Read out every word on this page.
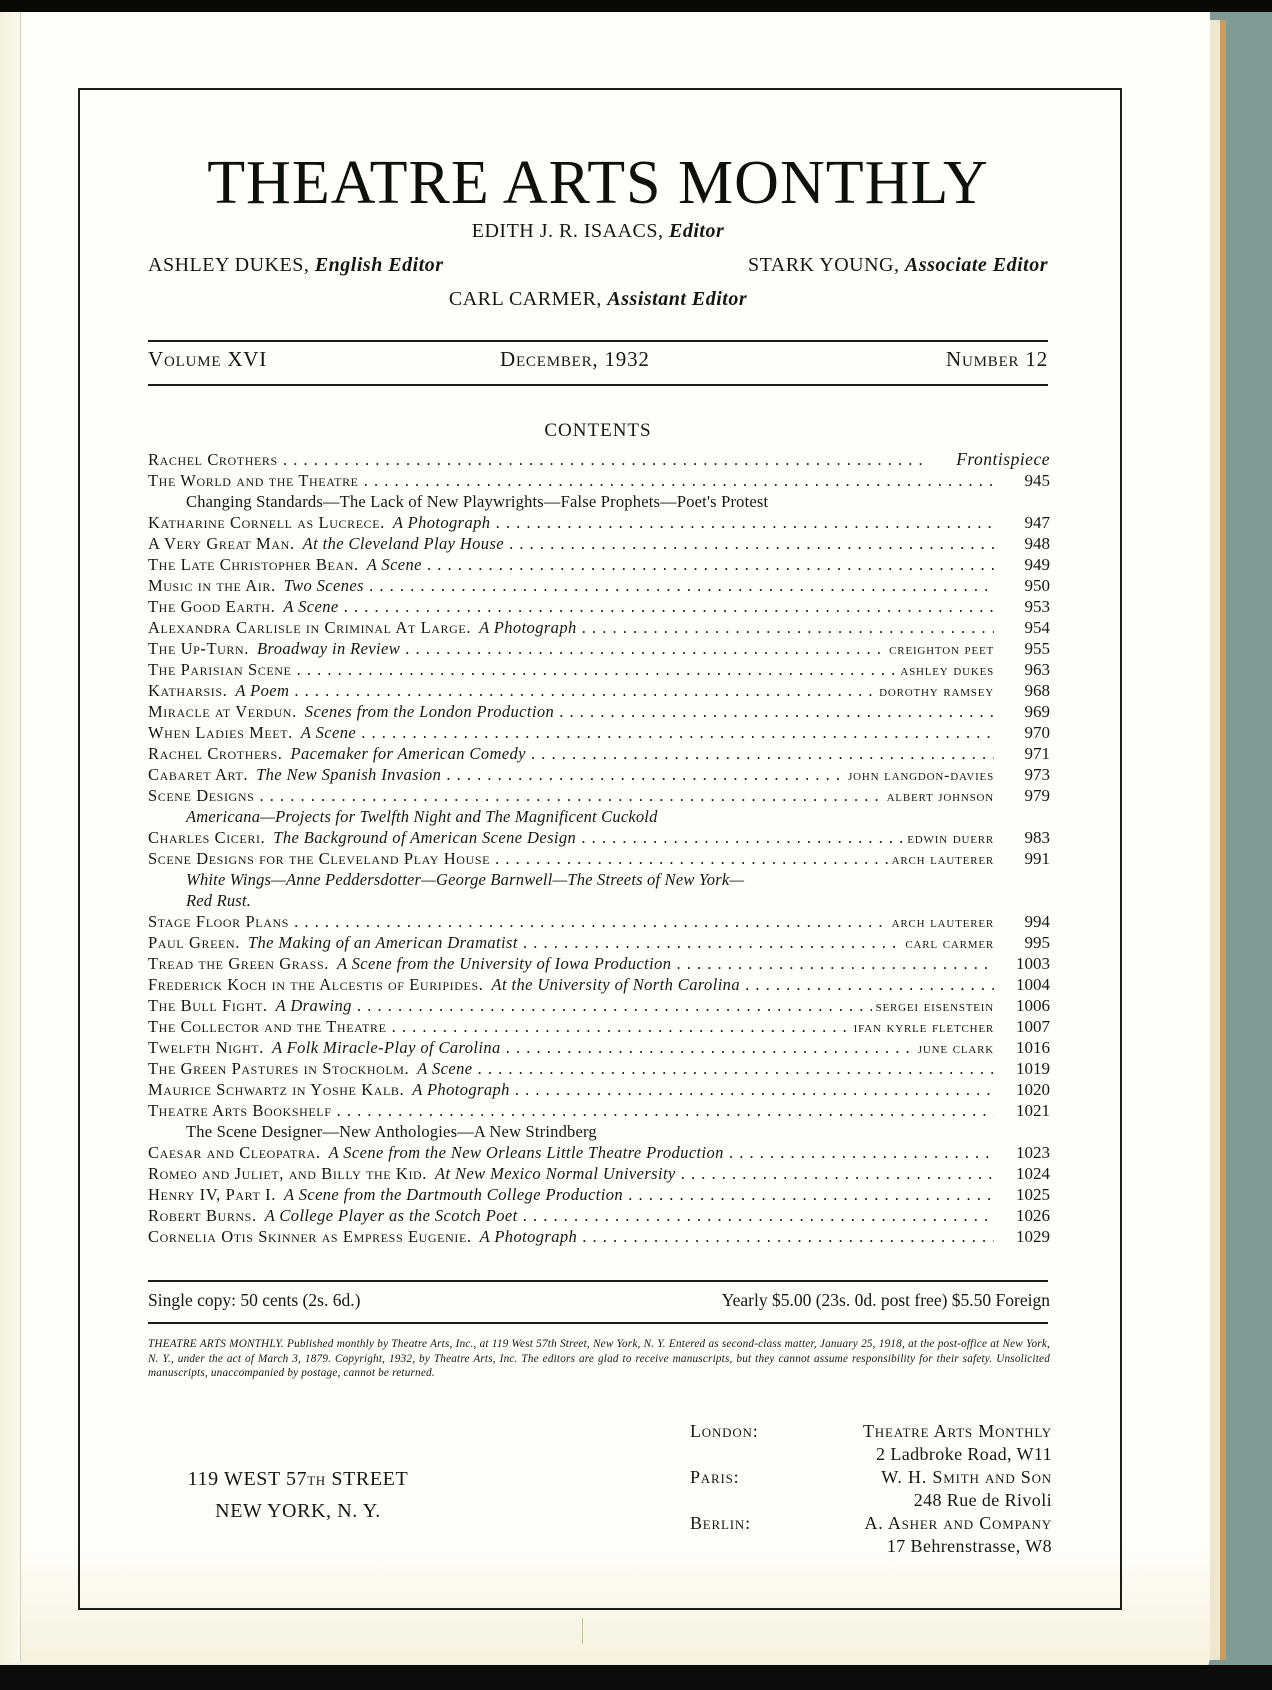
THEATRE ARTS MONTHLY
EDITH J. R. ISAACS, Editor
ASHLEY DUKES, English Editor	STARK YOUNG, Associate Editor
CARL CARMER, Assistant Editor
Volume XVI	December, 1932	Number 12
CONTENTS
Rachel Crothers . . .	Frontispiece
The World and the Theatre . . .	945
Changing Standards—The Lack of New Playwrights—False Prophets—Poet's Protest
Katharine Cornell as Lucrece. A Photograph . . .	947
A Very Great Man. At the Cleveland Play House . . .	948
The Late Christopher Bean. A Scene . . .	949
Music in the Air. Two Scenes . . .	950
The Good Earth. A Scene . . .	953
Alexandra Carlisle in Criminal At Large. A Photograph . . .	954
The Up-Turn. Broadway in Review . . .	creighton peet	955
The Parisian Scene . . .	ashley dukes	963
Katharsis. A Poem . . .	dorothy ramsey	968
Miracle at Verdun. Scenes from the London Production . . .	969
When Ladies Meet. A Scene . . .	970
Rachel Crothers. Pacemaker for American Comedy . . .	971
Cabaret Art. The New Spanish Invasion . . .	john langdon-davies	973
Scene Designs . . .	albert johnson	979
Americana—Projects for Twelfth Night and The Magnificent Cuckold
Charles Ciceri. The Background of American Scene Design . . .	edwin duerr	983
Scene Designs for the Cleveland Play House . . .	arch lauterer	991
White Wings—Anne Peddersdotter—George Barnwell—The Streets of New York—
Red Rust.
Stage Floor Plans . . .	arch lauterer	994
Paul Green. The Making of an American Dramatist . . .	carl carmer	995
Tread the Green Grass. A Scene from the University of Iowa Production . . .	1003
Frederick Koch in the Alcestis of Euripides. At the University of North Carolina . . .	1004
The Bull Fight. A Drawing . . .	sergei eisenstein	1006
The Collector and the Theatre . . .	ifan kyrle fletcher	1007
Twelfth Night. A Folk Miracle-Play of Carolina . . .	june clark	1016
The Green Pastures in Stockholm. A Scene . . .	1019
Maurice Schwartz in Yoshe Kalb. A Photograph . . .	1020
Theatre Arts Bookshelf . . .	1021
The Scene Designer—New Anthologies—A New Strindberg
Caesar and Cleopatra. A Scene from the New Orleans Little Theatre Production . . .	1023
Romeo and Juliet, and Billy the Kid. At New Mexico Normal University . . .	1024
Henry IV, Part I. A Scene from the Dartmouth College Production . . .	1025
Robert Burns. A College Player as the Scotch Poet . . .	1026
Cornelia Otis Skinner as Empress Eugenie. A Photograph . . .	1029
Single copy: 50 cents (2s. 6d.)	Yearly $5.00 (23s. 0d. post free) $5.50 Foreign
THEATRE ARTS MONTHLY. Published monthly by Theatre Arts, Inc., at 119 West 57th Street, New York, N. Y. Entered as second-class matter, January 25, 1918, at the post-office at New York, N. Y., under the act of March 3, 1879. Copyright, 1932, by Theatre Arts, Inc. The editors are glad to receive manuscripts, but they cannot assume responsibility for their safety. Unsolicited manuscripts, unaccompanied by postage, cannot be returned.
119 WEST 57TH STREET
NEW YORK, N. Y.
London:	Theatre Arts Monthly
2 Ladbroke Road, W11
Paris:	W. H. Smith and Son
248 Rue de Rivoli
Berlin:	A. Asher and Company
17 Behrenstrasse, W8
